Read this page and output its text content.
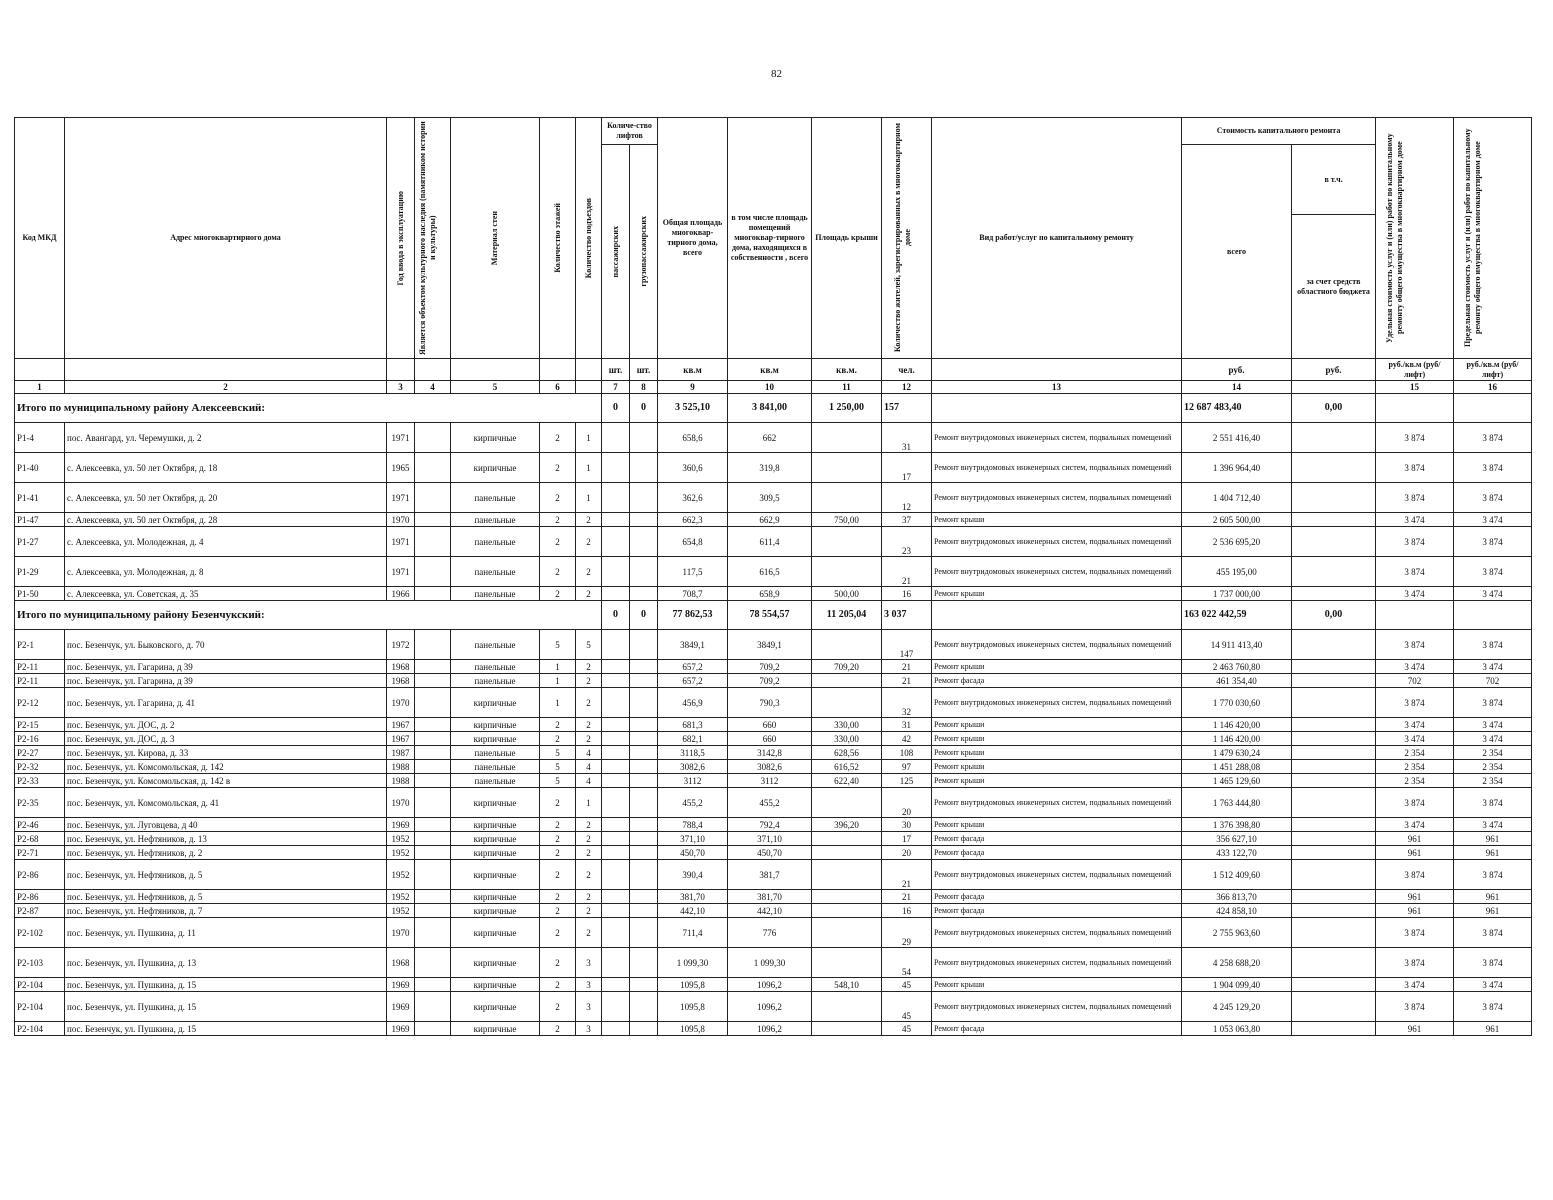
82
Код МКД	Адрес многоквартирного дома	Год ввода в эксплуатацию	Является объектом культурного наследия (памятником истории и культуры)	Материал стен	Количество этажей	Количество подъездов	Количе-ство лифтов		Общая площадь многоквар-тирного дома, всего	в том числе площадь помещений многоквар-тирного дома, находящихся в собственности , всего	Площадь крыши	Количество жителей, зарегистрированных в многоквартирном доме	Вид работ/услуг по капитальному ремонту	Стоимость капитального ремонта		Удельная стоимость услуг и (или) работ по капитальному ремонту общего имущества в многоквартирном доме	Предельная стоимость услуг и (или) работ по капитальному ремонту общего имущества в многоквартирном доме

							пассажирских	грузопассажирских						всего	в т.ч.		
															за счет средств областного бюджета		
							шт.	шт.	кв.м	кв.м	кв.м.	чел.		руб.	руб.	руб./кв.м (руб/лифт)	руб./кв.м (руб/лифт)
1	2	3	4	5	6		7	8	9	10	11	12	13	14		15	16
Итого по муниципальному району Алексеевский:							0	0	3 525,10	3 841,00	1 250,00	157		12 687 483,40	0,00		
Р1-4	пос. Авангард, ул. Черемушки, д. 2	1971		кирпичные	2	1			658,6	662		31	Ремонт внутридомовых инженерных систем, подвальных помещений	2 551 416,40		3 874	3 874
Р1-40	с. Алексеевка, ул. 50 лет Октября, д. 18	1965		кирпичные	2	1			360,6	319,8		17	Ремонт внутридомовых инженерных систем, подвальных помещений	1 396 964,40		3 874	3 874
Р1-41	с. Алексеевка, ул. 50 лет Октября, д. 20	1971		панельные	2	1			362,6	309,5		12	Ремонт внутридомовых инженерных систем, подвальных помещений	1 404 712,40		3 874	3 874
Р1-47	с. Алексеевка, ул. 50 лет Октября, д. 28	1970		панельные	2	2			662,3	662,9	750,00	37	Ремонт крыши	2 605 500,00		3 474	3 474
Р1-27	с. Алексеевка, ул. Молодежная, д. 4	1971		панельные	2	2			654,8	611,4		23	Ремонт внутридомовых инженерных систем, подвальных помещений	2 536 695,20		3 874	3 874
Р1-29	с. Алексеевка, ул. Молодежная, д. 8	1971		панельные	2	2			117,5	616,5		21	Ремонт внутридомовых инженерных систем, подвальных помещений	455 195,00		3 874	3 874
Р1-50	с. Алексеевка, ул. Советская, д. 35	1966		панельные	2	2			708,7	658,9	500,00	16	Ремонт крыши	1 737 000,00		3 474	3 474
Итого по муниципальному району Безенчукский:							0	0	77 862,53	78 554,57	11 205,04	3 037		163 022 442,59	0,00		
Р2-1	пос. Безенчук, ул. Быковского, д. 70	1972		панельные	5	5			3849,1	3849,1		147	Ремонт внутридомовых инженерных систем, подвальных помещений	14 911 413,40		3 874	3 874
Р2-11	пос. Безенчук, ул. Гагарина, д 39	1968		панельные	1	2			657,2	709,2	709,20	21	Ремонт крыши	2 463 760,80		3 474	3 474
Р2-11	пос. Безенчук, ул. Гагарина, д 39	1968		панельные	1	2			657,2	709,2		21	Ремонт фасада	461 354,40		702	702
Р2-12	пос. Безенчук, ул. Гагарина, д. 41	1970		кирпичные	1	2			456,9	790,3		32	Ремонт внутридомовых инженерных систем, подвальных помещений	1 770 030,60		3 874	3 874
Р2-15	пос. Безенчук, ул. ДОС, д. 2	1967		кирпичные	2	2			681,3	660	330,00	31	Ремонт крыши	1 146 420,00		3 474	3 474
Р2-16	пос. Безенчук, ул. ДОС, д. 3	1967		кирпичные	2	2			682,1	660	330,00	42	Ремонт крыши	1 146 420,00		3 474	3 474
Р2-27	пос. Безенчук, ул. Кирова, д. 33	1987		панельные	5	4			3118,5	3142,8	628,56	108	Ремонт крыши	1 479 630,24		2 354	2 354
Р2-32	пос. Безенчук, ул. Комсомольская, д. 142	1988		панельные	5	4			3082,6	3082,6	616,52	97	Ремонт крыши	1 451 288,08		2 354	2 354
Р2-33	пос. Безенчук, ул. Комсомольская, д. 142 в	1988		панельные	5	4			3112	3112	622,40	125	Ремонт крыши	1 465 129,60		2 354	2 354
Р2-35	пос. Безенчук, ул. Комсомольская, д. 41	1970		кирпичные	2	1			455,2	455,2		20	Ремонт внутридомовых инженерных систем, подвальных помещений	1 763 444,80		3 874	3 874
Р2-46	пос. Безенчук, ул. Луговцева, д 40	1969		кирпичные	2	2			788,4	792,4	396,20	30	Ремонт крыши	1 376 398,80		3 474	3 474
Р2-68	пос. Безенчук, ул. Нефтяников, д. 13	1952		кирпичные	2	2			371,10	371,10		17	Ремонт фасада	356 627,10		961	961
Р2-71	пос. Безенчук, ул. Нефтяников, д. 2	1952		кирпичные	2	2			450,70	450,70		20	Ремонт фасада	433 122,70		961	961
Р2-86	пос. Безенчук, ул. Нефтяников, д. 5	1952		кирпичные	2	2			390,4	381,7		21	Ремонт внутридомовых инженерных систем, подвальных помещений	1 512 409,60		3 874	3 874
Р2-86	пос. Безенчук, ул. Нефтяников, д. 5	1952		кирпичные	2	2			381,70	381,70		21	Ремонт фасада	366 813,70		961	961
Р2-87	пос. Безенчук, ул. Нефтяников, д. 7	1952		кирпичные	2	2			442,10	442,10		16	Ремонт фасада	424 858,10		961	961
Р2-102	пос. Безенчук, ул. Пушкина, д. 11	1970		кирпичные	2	2			711,4	776		29	Ремонт внутридомовых инженерных систем, подвальных помещений	2 755 963,60		3 874	3 874
Р2-103	пос. Безенчук, ул. Пушкина, д. 13	1968		кирпичные	2	3			1 099,30	1 099,30		54	Ремонт внутридомовых инженерных систем, подвальных помещений	4 258 688,20		3 874	3 874
Р2-104	пос. Безенчук, ул. Пушкина, д. 15	1969		кирпичные	2	3			1095,8	1096,2	548,10	45	Ремонт крыши	1 904 099,40		3 474	3 474
Р2-104	пос. Безенчук, ул. Пушкина, д. 15	1969		кирпичные	2	3			1095,8	1096,2		45	Ремонт внутридомовых инженерных систем, подвальных помещений	4 245 129,20		3 874	3 874
Р2-104	пос. Безенчук, ул. Пушкина, д. 15	1969		кирпичные	2	3			1095,8	1096,2		45	Ремонт фасада	1 053 063,80		961	961
